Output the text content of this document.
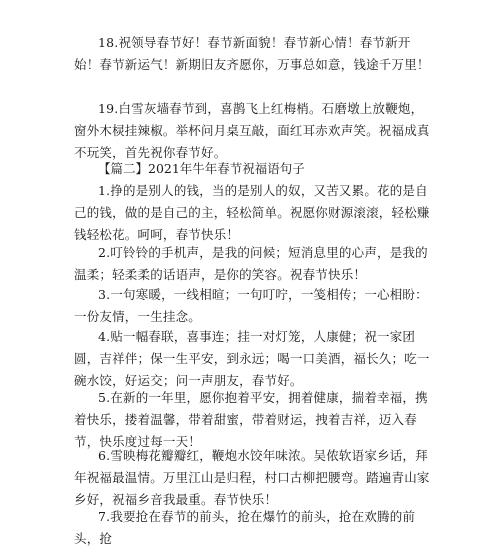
18.祝领导春节好！春节新面貌！春节新心情！春节新开始！春节新运气！新期旧友齐愿你，万事总如意，钱途千万里！

19.白雪灰墙春节到，喜鹊飞上红梅梢。石磨墩上放鞭炮，窗外木棂挂辣椒。举杯问月桌互敲，面红耳赤欢声笑。祝福成真不玩笑，首先祝你春节好。

【篇二】2021年牛年春节祝福语句子

1.挣的是别人的钱，当的是别人的奴，又苦又累。花的是自己的钱，做的是自己的主，轻松简单。祝愿你财源滚滚，轻松赚钱轻松花。呵呵，春节快乐！

2.叮铃铃的手机声，是我的问候；短消息里的心声，是我的温柔；轻柔柔的话语声，是你的笑容。祝春节快乐！

3.一句寒暖，一线相暄；一句叮咛，一笺相传；一心相盼：一份友情，一生挂念。

4.贴一幅春联，喜事连；挂一对灯笼，人康健；祝一家团圆，吉祥伴；保一生平安，到永远；喝一口美酒，福长久；吃一碗水饺，好运交；问一声朋友，春节好。

5.在新的一年里，愿你抱着平安，拥着健康，揣着幸福，携着快乐，搂着温馨，带着甜蜜，带着财运，拽着吉祥，迈入春节，快乐度过每一天！

6.雪映梅花瓣瓣红，鞭炮水饺年味浓。吴侬软语家乡话，拜年祝福最温情。万里江山是归程，村口古柳把腰弯。踏遍青山家乡好，祝福乡音我最重。春节快乐！

7.我要抢在春节的前头，抢在爆竹的前头，抢在欢腾的前头，抢
